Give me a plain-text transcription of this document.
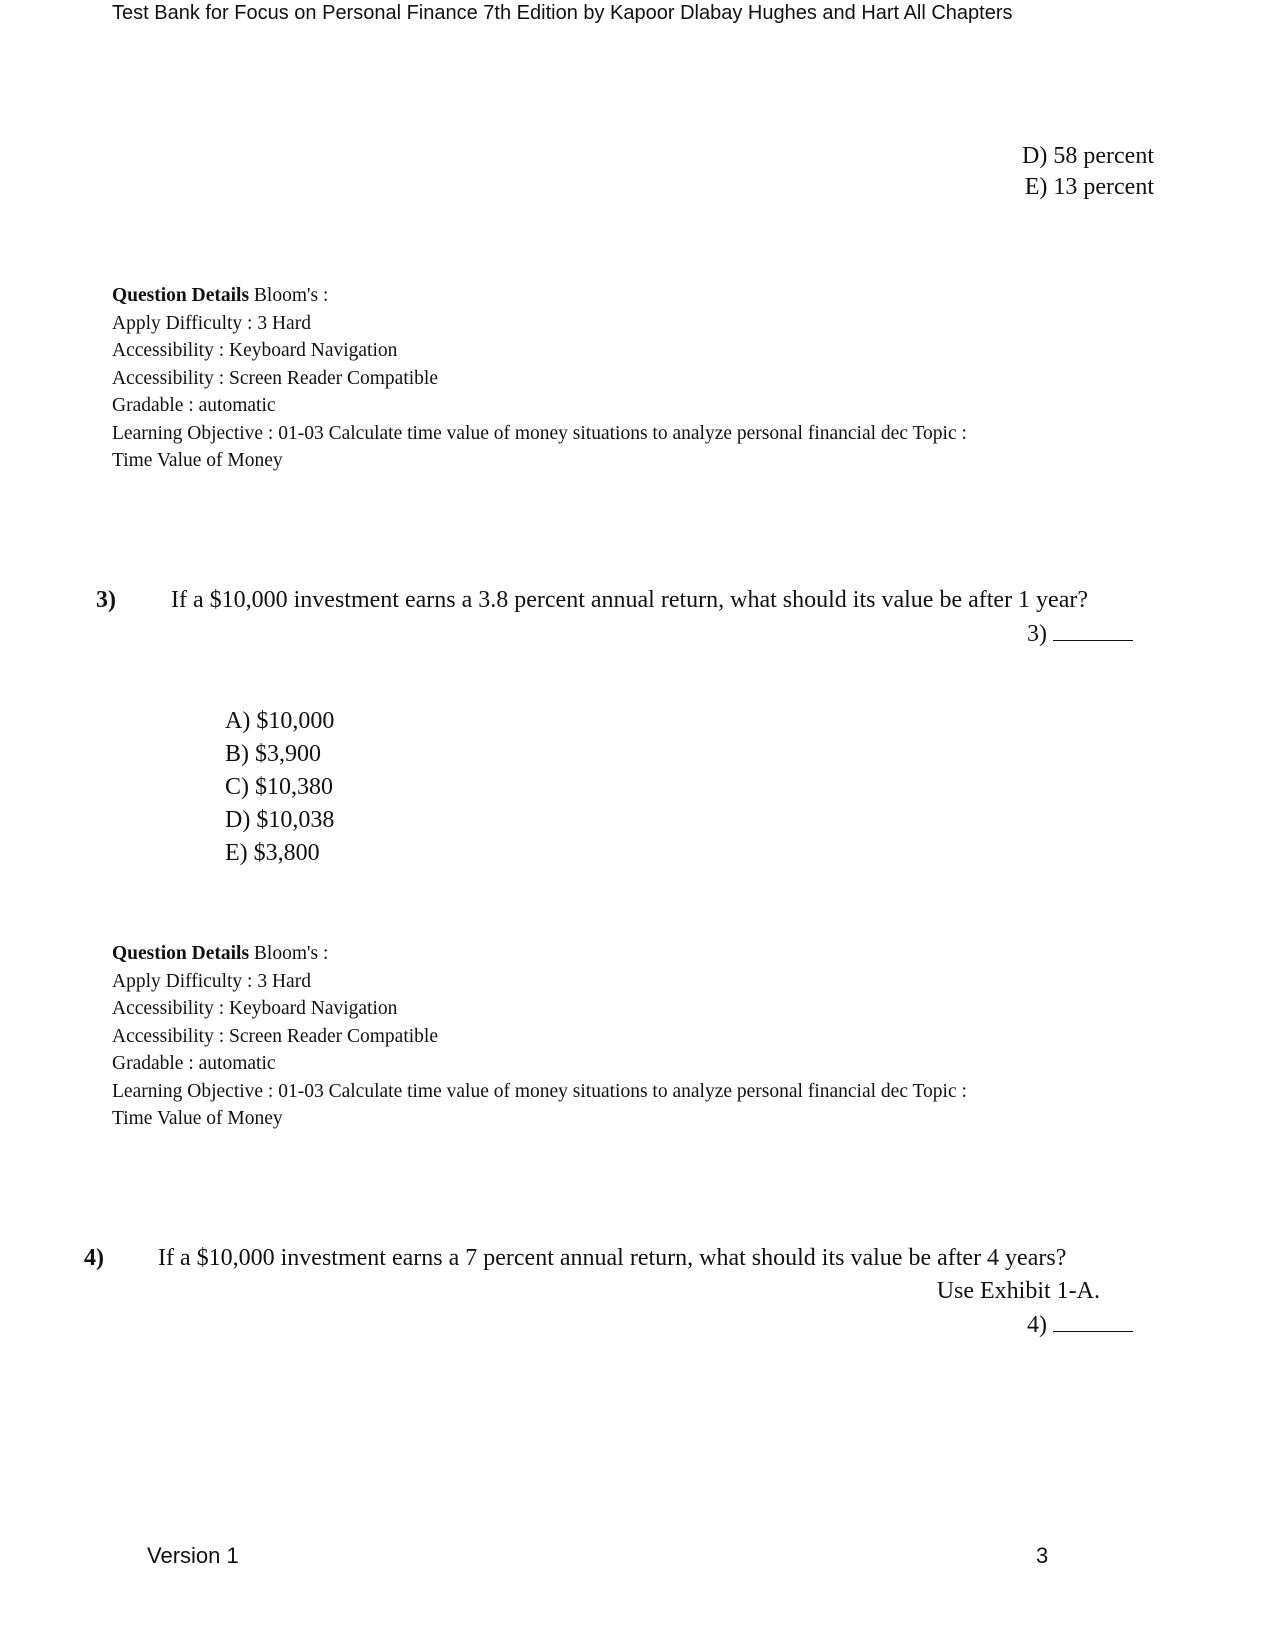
Test Bank for Focus on Personal Finance 7th Edition by Kapoor Dlabay Hughes and Hart All Chapters
D) 58 percent
E) 13 percent
Question Details Bloom's :
Apply Difficulty : 3 Hard
Accessibility : Keyboard Navigation
Accessibility : Screen Reader Compatible
Gradable : automatic
Learning Objective : 01-03 Calculate time value of money situations to analyze personal financial dec Topic :
Time Value of Money
3) If a $10,000 investment earns a 3.8 percent annual return, what should its value be after 1 year?
3)
A) $10,000
B) $3,900
C) $10,380
D) $10,038
E) $3,800
Question Details Bloom's :
Apply Difficulty : 3 Hard
Accessibility : Keyboard Navigation
Accessibility : Screen Reader Compatible
Gradable : automatic
Learning Objective : 01-03 Calculate time value of money situations to analyze personal financial dec Topic :
Time Value of Money
4) If a $10,000 investment earns a 7 percent annual return, what should its value be after 4 years?
Use Exhibit 1-A.
4)
Version 1	3
